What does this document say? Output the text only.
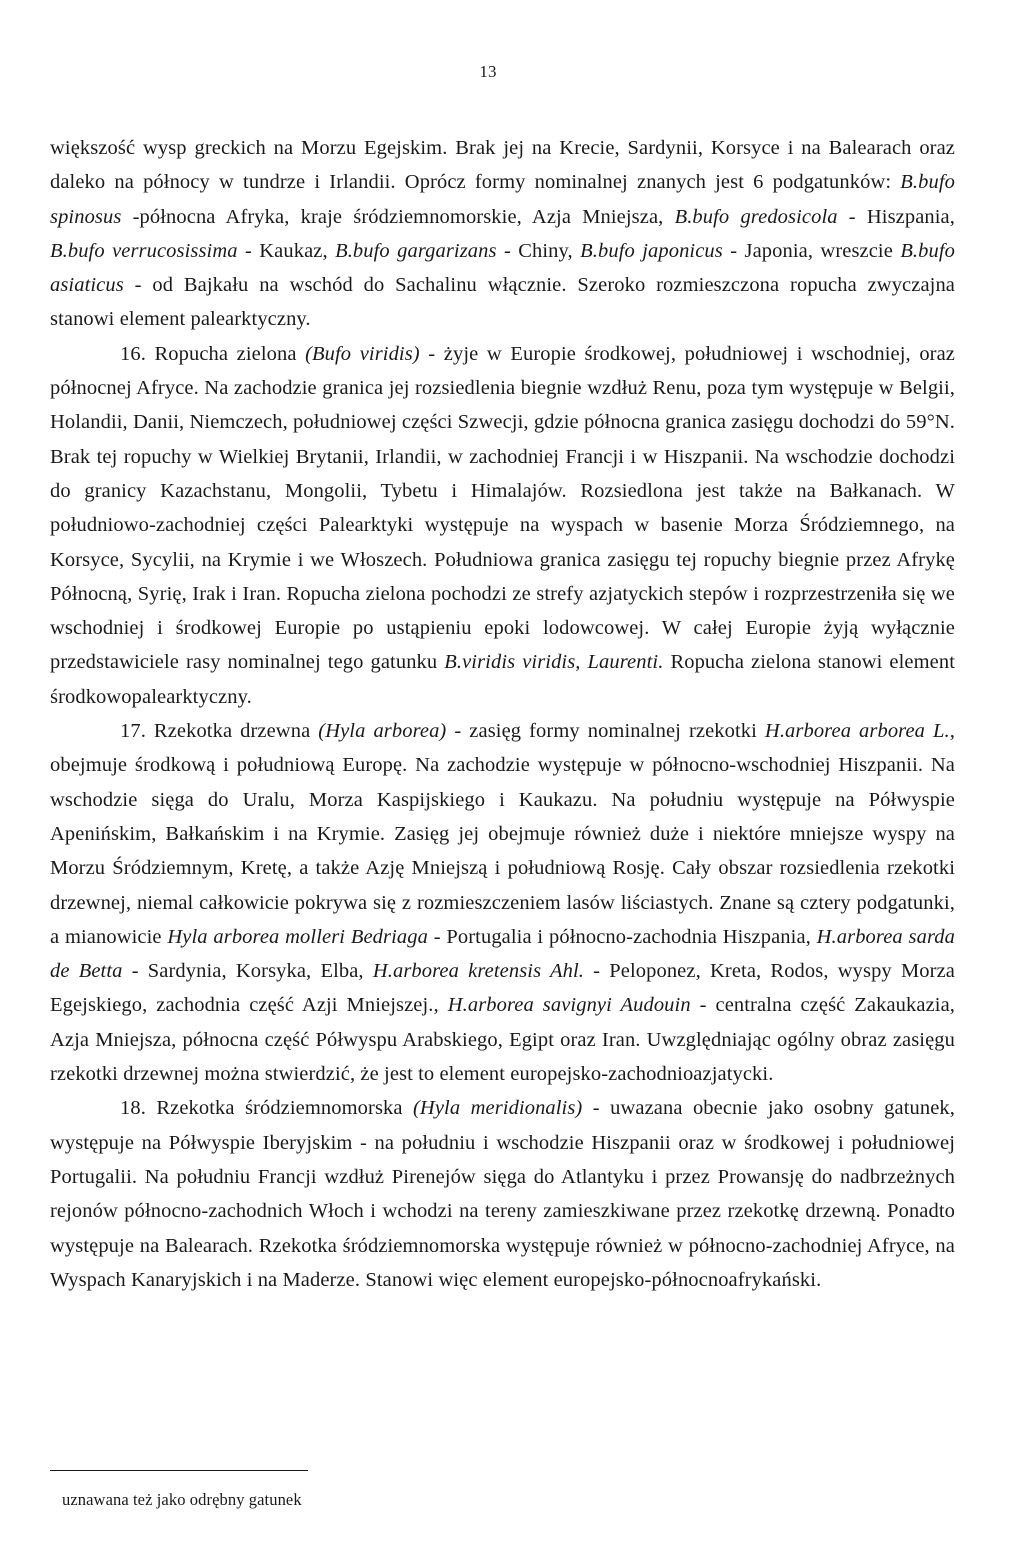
13

większość wysp greckich na Morzu Egejskim. Brak jej na Krecie, Sardynii, Korsyce i na Balearach oraz daleko na północy w tundrze i Irlandii. Oprócz formy nominalnej znanych jest 6 podgatunków: B.bufo spinosus -północna Afryka, kraje śródziemnomorskie, Azja Mniejsza, B.bufo gredosicola - Hiszpania, B.bufo verrucosissima - Kaukaz, B.bufo gargarizans - Chiny, B.bufo japonicus - Japonia, wreszcie B.bufo asiaticus - od Bajkału na wschód do Sachalinu włącznie. Szeroko rozmieszczona ropucha zwyczajna stanowi element palearktyczny.

16. Ropucha zielona (Bufo viridis) - żyje w Europie środkowej, południowej i wschodniej, oraz północnej Afryce. Na zachodzie granica jej rozsiedlenia biegnie wzdłuż Renu, poza tym występuje w Belgii, Holandii, Danii, Niemczech, południowej części Szwecji, gdzie północna granica zasięgu dochodzi do 59°N. Brak tej ropuchy w Wielkiej Brytanii, Irlandii, w zachodniej Francji i w Hiszpanii. Na wschodzie dochodzi do granicy Kazachstanu, Mongolii, Tybetu i Himalajów. Rozsiedlona jest także na Bałkanach. W południowo-zachodniej części Palearktyki występuje na wyspach w basenie Morza Śródziemnego, na Korsyce, Sycylii, na Krymie i we Włoszech. Południowa granica zasięgu tej ropuchy biegnie przez Afrykę Północną, Syrię, Irak i Iran. Ropucha zielona pochodzi ze strefy azjatyckich stepów i rozprzestrzeniła się we wschodniej i środkowej Europie po ustąpieniu epoki lodowcowej. W całej Europie żyją wyłącznie przedstawiciele rasy nominalnej tego gatunku B.viridis viridis, Laurenti. Ropucha zielona stanowi element środkowopalearktyczny.

17. Rzekotka drzewna (Hyla arborea) - zasięg formy nominalnej rzekotki H.arborea arborea L., obejmuje środkową i południową Europę. Na zachodzie występuje w północno-wschodniej Hiszpanii. Na wschodzie sięga do Uralu, Morza Kaspijskiego i Kaukazu. Na południu występuje na Półwyspie Apenińskim, Bałkańskim i na Krymie. Zasięg jej obejmuje również duże i niektóre mniejsze wyspy na Morzu Śródziemnym, Kretę, a także Azję Mniejszą i południową Rosję. Cały obszar rozsiedlenia rzekotki drzewnej, niemal całkowicie pokrywa się z rozmieszczeniem lasów liściastych. Znane są cztery podgatunki, a mianowicie Hyla arborea molleri Bedriaga - Portugalia i północno-zachodnia Hiszpania, H.arborea sarda de Betta - Sardynia, Korsyka, Elba, H.arborea kretensis Ahl. - Peloponez, Kreta, Rodos, wyspy Morza Egejskiego, zachodnia część Azji Mniejszej., H.arborea savignyi Audouin - centralna część Zakaukazia, Azja Mniejsza, północna część Półwyspu Arabskiego, Egipt oraz Iran. Uwzględniając ogólny obraz zasięgu rzekotki drzewnej można stwierdzić, że jest to element europejsko-zachodnioazjatycki.

18. Rzekotka śródziemnomorska (Hyla meridionalis) - uwazana obecnie jako osobny gatunek, występuje na Półwyspie Iberyjskim - na południu i wschodzie Hiszpanii oraz w środkowej i południowej Portugalii. Na południu Francji wzdłuż Pirenejów sięga do Atlantyku i przez Prowansję do nadbrzeżnych rejonów północno-zachodnich Włoch i wchodzi na tereny zamieszkiwane przez rzekotkę drzewną. Ponadto występuje na Balearach. Rzekotka śródziemnomorska występuje również w północno-zachodniej Afryce, na Wyspach Kanaryjskich i na Maderze. Stanowi więc element europejsko-północnoafrykański.

uznawana też jako odrębny gatunek
